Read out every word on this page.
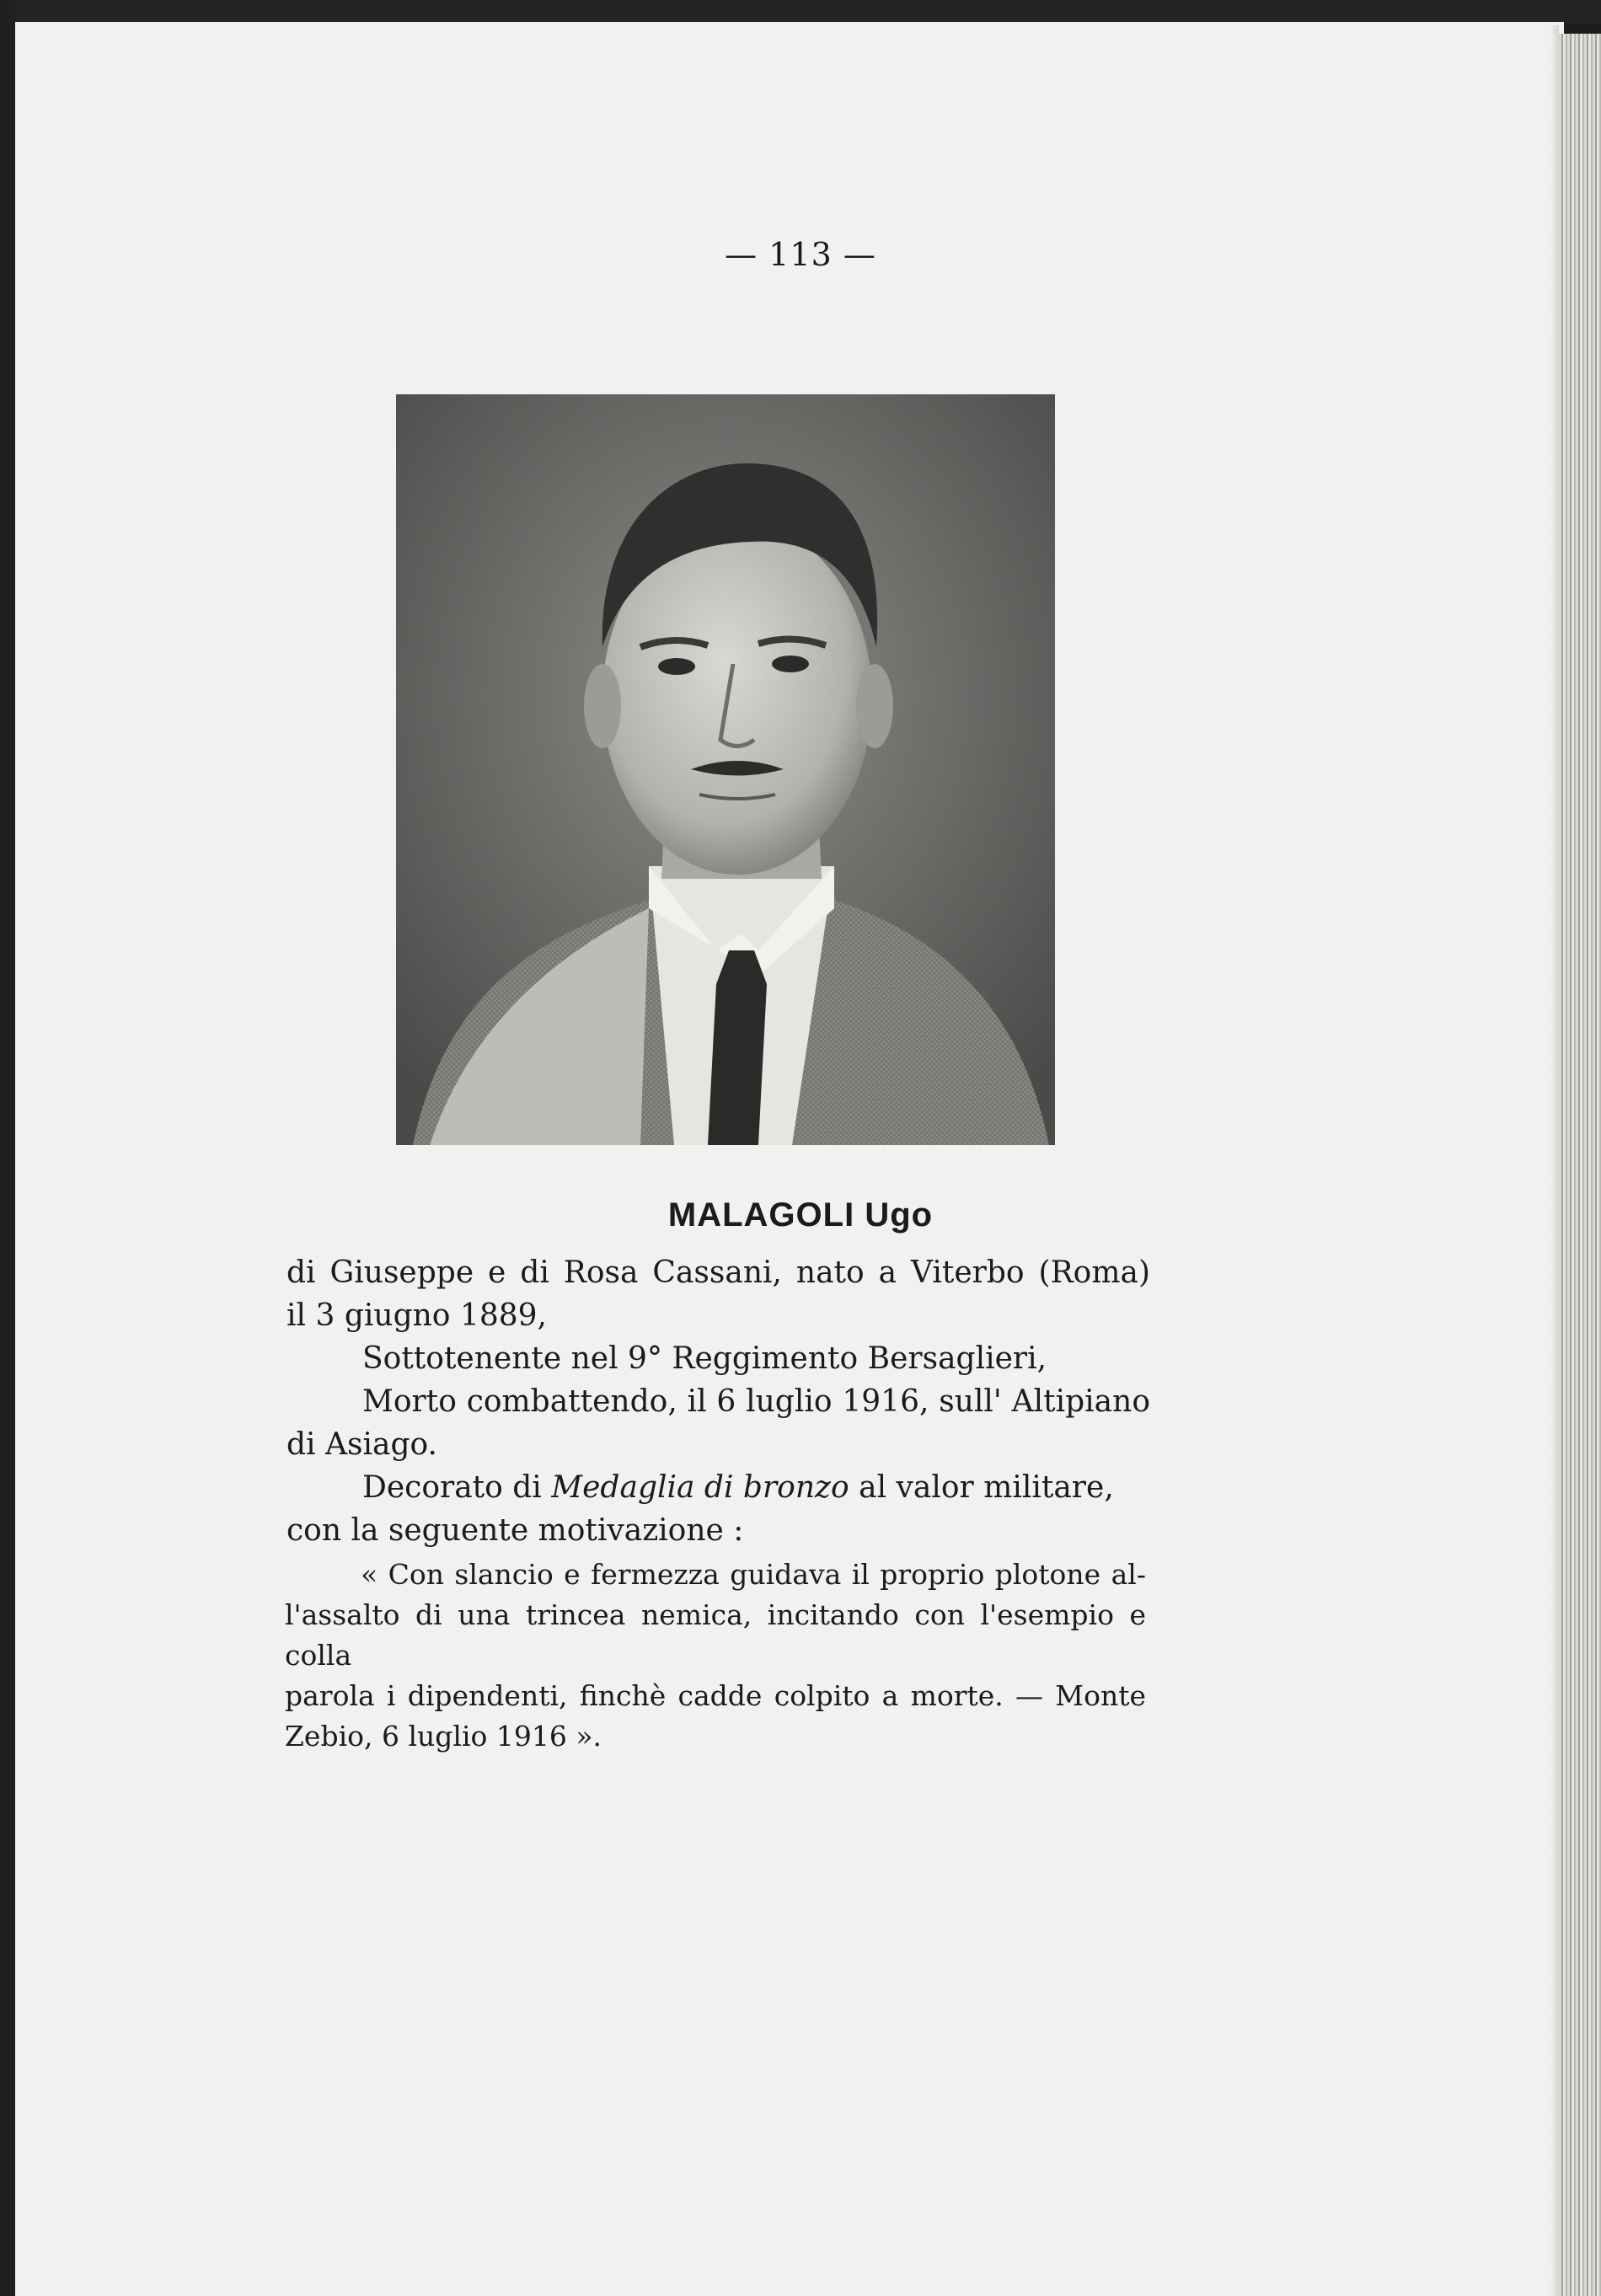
— 113 —
MALAGOLI Ugo
di Giuseppe e di Rosa Cassani, nato a Viterbo (Roma)
il 3 giugno 1889,
Sottotenente nel 9° Reggimento Bersaglieri,
Morto combattendo, il 6 luglio 1916, sull' Altipiano
di Asiago.
Decorato di Medaglia di bronzo al valor militare,
con la seguente motivazione :
« Con slancio e fermezza guidava il proprio plotone al-
l'assalto di una trincea nemica, incitando con l'esempio e colla
parola i dipendenti, finchè cadde colpito a morte. — Monte
Zebio, 6 luglio 1916 ».
